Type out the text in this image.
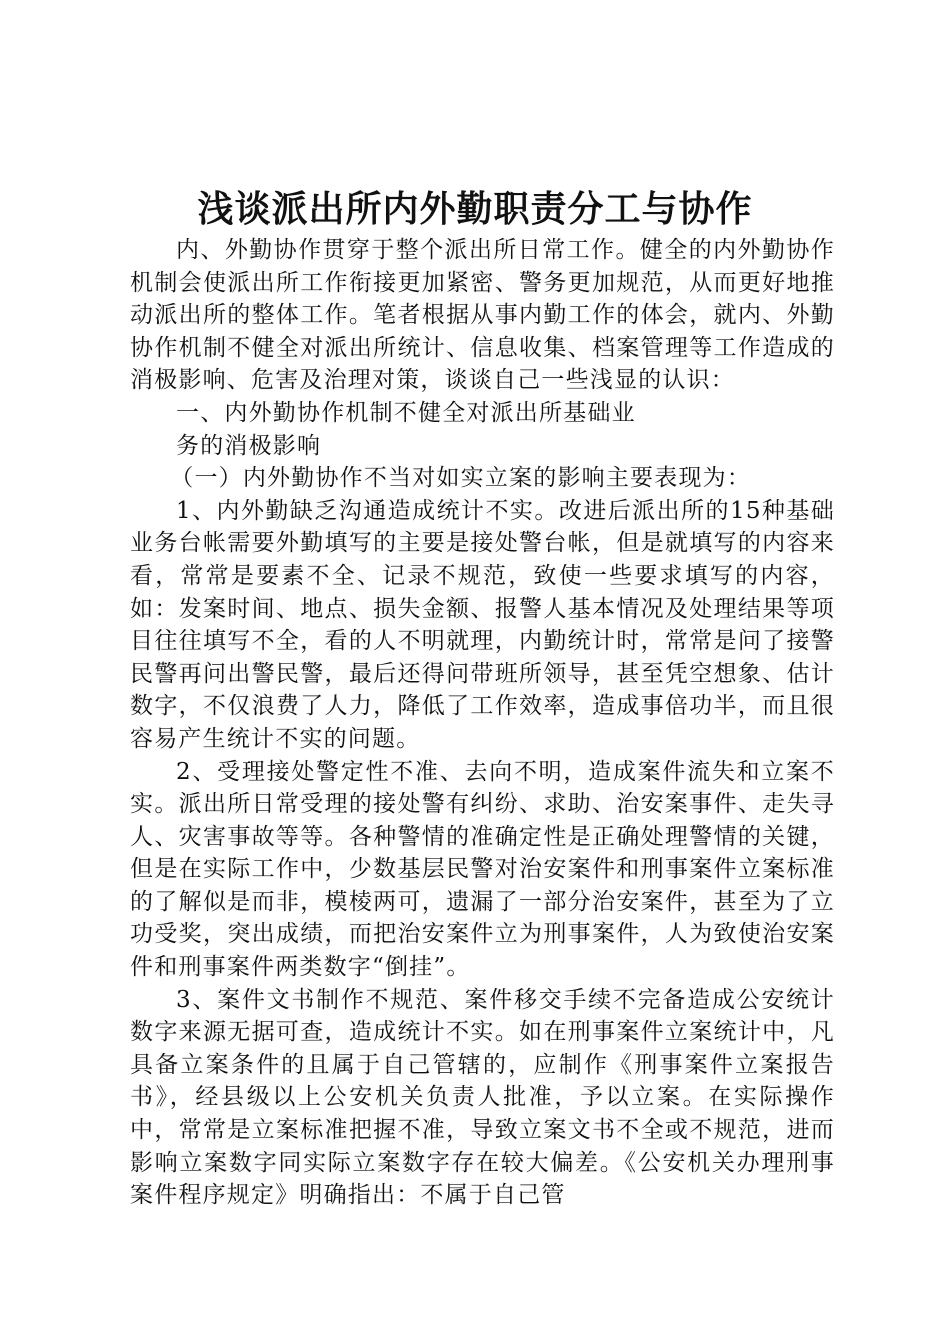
浅谈派出所内外勤职责分工与协作

内、外勤协作贯穿于整个派出所日常工作。健全的内外勤协作机制会使派出所工作衔接更加紧密、警务更加规范，从而更好地推动派出所的整体工作。笔者根据从事内勤工作的体会，就内、外勤协作机制不健全对派出所统计、信息收集、档案管理等工作造成的消极影响、危害及治理对策，谈谈自己一些浅显的认识：

一、内外勤协作机制不健全对派出所基础业

务的消极影响

（一）内外勤协作不当对如实立案的影响主要表现为：

1、内外勤缺乏沟通造成统计不实。改进后派出所的15种基础业务台帐需要外勤填写的主要是接处警台帐，但是就填写的内容来看，常常是要素不全、记录不规范，致使一些要求填写的内容，如：发案时间、地点、损失金额、报警人基本情况及处理结果等项目往往填写不全，看的人不明就理，内勤统计时，常常是问了接警民警再问出警民警，最后还得问带班所领导，甚至凭空想象、估计数字，不仅浪费了人力，降低了工作效率，造成事倍功半，而且很容易产生统计不实的问题。

2、受理接处警定性不准、去向不明，造成案件流失和立案不实。派出所日常受理的接处警有纠纷、求助、治安案事件、走失寻人、灾害事故等等。各种警情的准确定性是正确处理警情的关键，但是在实际工作中，少数基层民警对治安案件和刑事案件立案标准的了解似是而非，模棱两可，遗漏了一部分治安案件，甚至为了立功受奖，突出成绩，而把治安案件立为刑事案件，人为致使治安案件和刑事案件两类数字“倒挂”。

3、案件文书制作不规范、案件移交手续不完备造成公安统计数字来源无据可查，造成统计不实。如在刑事案件立案统计中，凡具备立案条件的且属于自己管辖的，应制作《刑事案件立案报告书》，经县级以上公安机关负责人批准，予以立案。在实际操作中，常常是立案标准把握不准，导致立案文书不全或不规范，进而影响立案数字同实际立案数字存在较大偏差。《公安机关办理刑事案件程序规定》明确指出：不属于自己管
